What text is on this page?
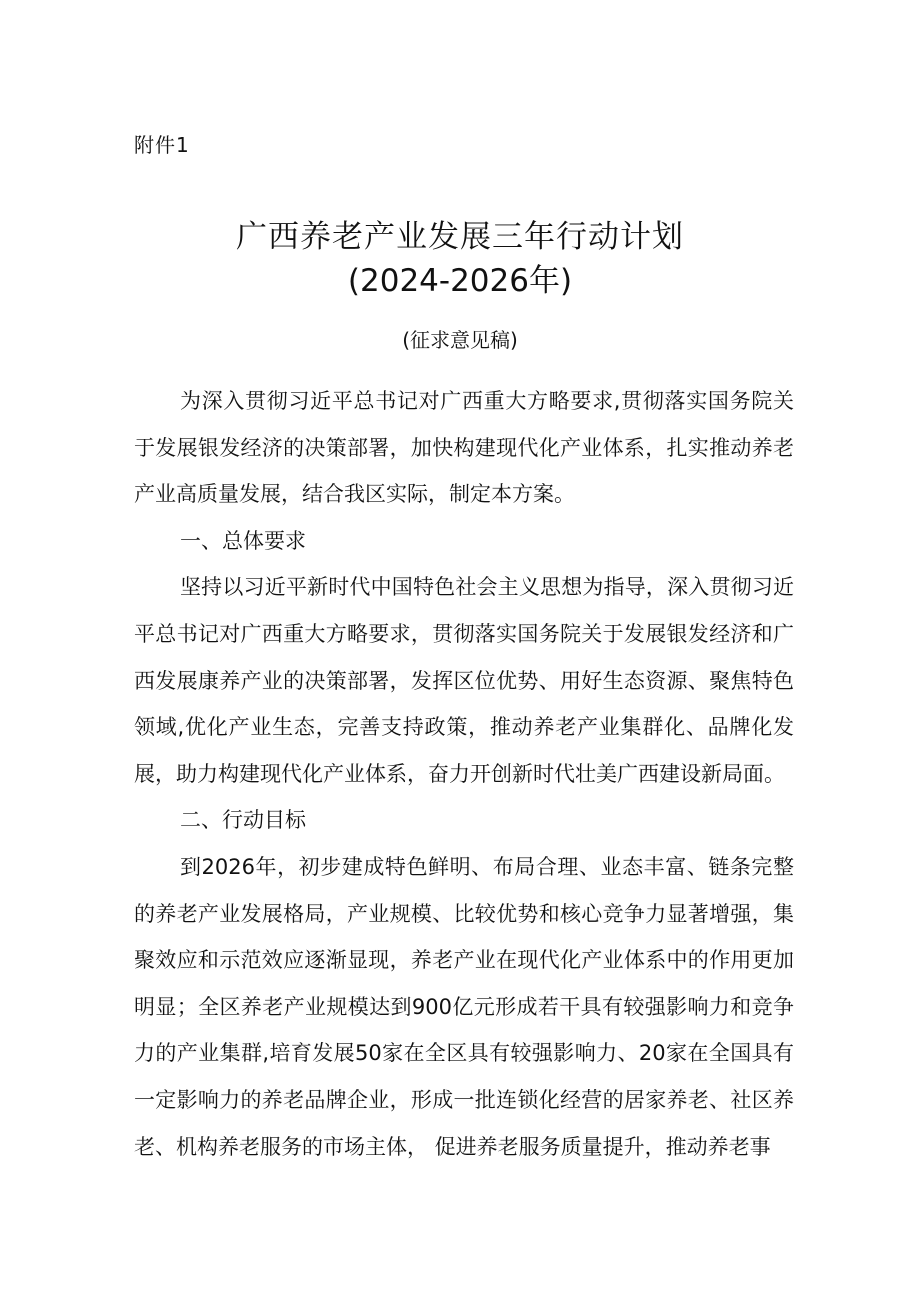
附件1
广西养老产业发展三年行动计划
(2024-2026年)
(征求意见稿)

为深入贯彻习近平总书记对广西重大方略要求,贯彻落实国务院关于发展银发经济的决策部署，加快构建现代化产业体系，扎实推动养老产业高质量发展，结合我区实际，制定本方案。

一、总体要求

坚持以习近平新时代中国特色社会主义思想为指导，深入贯彻习近平总书记对广西重大方略要求，贯彻落实国务院关于发展银发经济和广西发展康养产业的决策部署，发挥区位优势、用好生态资源、聚焦特色领域,优化产业生态，完善支持政策，推动养老产业集群化、品牌化发展，助力构建现代化产业体系，奋力开创新时代壮美广西建设新局面。

二、行动目标

到2026年，初步建成特色鲜明、布局合理、业态丰富、链条完整的养老产业发展格局，产业规模、比较优势和核心竞争力显著增强，集聚效应和示范效应逐渐显现，养老产业在现代化产业体系中的作用更加明显；全区养老产业规模达到900亿元形成若干具有较强影响力和竞争力的产业集群,培育发展50家在全区具有较强影响力、20家在全国具有一定影响力的养老品牌企业，形成一批连锁化经营的居家养老、社区养老、机构养老服务的市场主体， 促进养老服务质量提升，推动养老事
